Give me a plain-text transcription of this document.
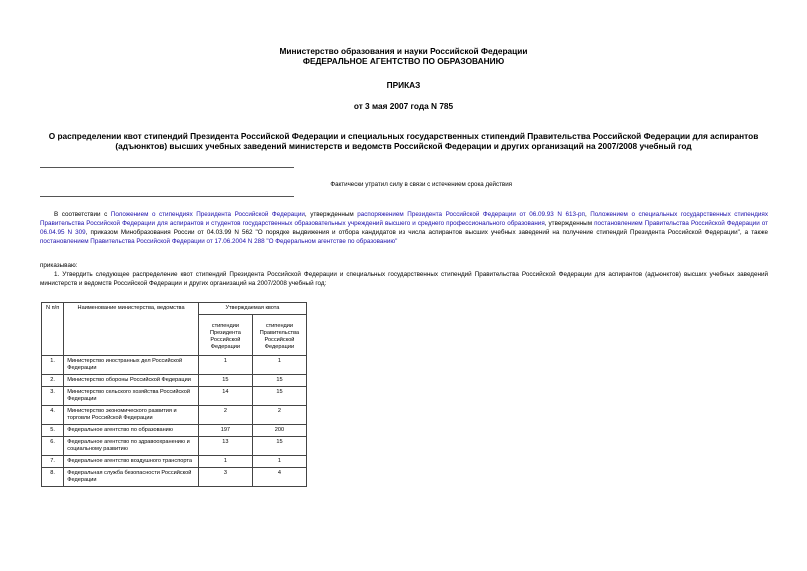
Министерство образования и науки Российской Федерации
ФЕДЕРАЛЬНОЕ АГЕНТСТВО ПО ОБРАЗОВАНИЮ
ПРИКАЗ
от 3 мая 2007 года N 785
О распределении квот стипендий Президента Российской Федерации и специальных государственных стипендий Правительства Российской Федерации для аспирантов (адъюнктов) высших учебных заведений министерств и ведомств Российской Федерации и других организаций на 2007/2008 учебный год
Фактически утратил силу в связи с истечением срока действия
В соответствии с Положением о стипендиях Президента Российской Федерации, утвержденным распоряжением Президента Российской Федерации от 06.09.93 N 613-рп, Положением о специальных государственных стипендиях Правительства Российской Федерации для аспирантов и студентов государственных образовательных учреждений высшего и среднего профессионального образования, утвержденным постановлением Правительства Российской Федерации от 06.04.95 N 309, приказом Минобразования России от 04.03.99 N 562 "О порядке выдвижения и отбора кандидатов из числа аспирантов высших учебных заведений на получение стипендий Президента Российской Федерации", а также постановлением Правительства Российской Федерации от 17.06.2004 N 288 "О Федеральном агентстве по образованию"
приказываю:
1. Утвердить следующее распределение квот стипендий Президента Российской Федерации и специальных государственных стипендий Правительства Российской Федерации для аспирантов (адъюнктов) высших учебных заведений министерств и ведомств Российской Федерации и других организаций на 2007/2008 учебный год:
N п/п	Наименование министерства, ведомства	Утверждаемая квота	
		стипендии Президента Российской Федерации	стипендии Правительства Российской Федерации
1.	Министерство иностранных дел Российской Федерации	1	1
2.	Министерство обороны Российской Федерации	15	15
3.	Министерство сельского хозяйства Российской Федерации	14	15
4.	Министерство экономического развития и торговли Российской Федерации	2	2
5.	Федеральное агентство по образованию	197	200
6.	Федеральное агентство по здравоохранению и социальному развитию	13	15
7.	Федеральное агентство воздушного транспорта	1	1
8.	Федеральная служба безопасности Российской Федерации	3	4
